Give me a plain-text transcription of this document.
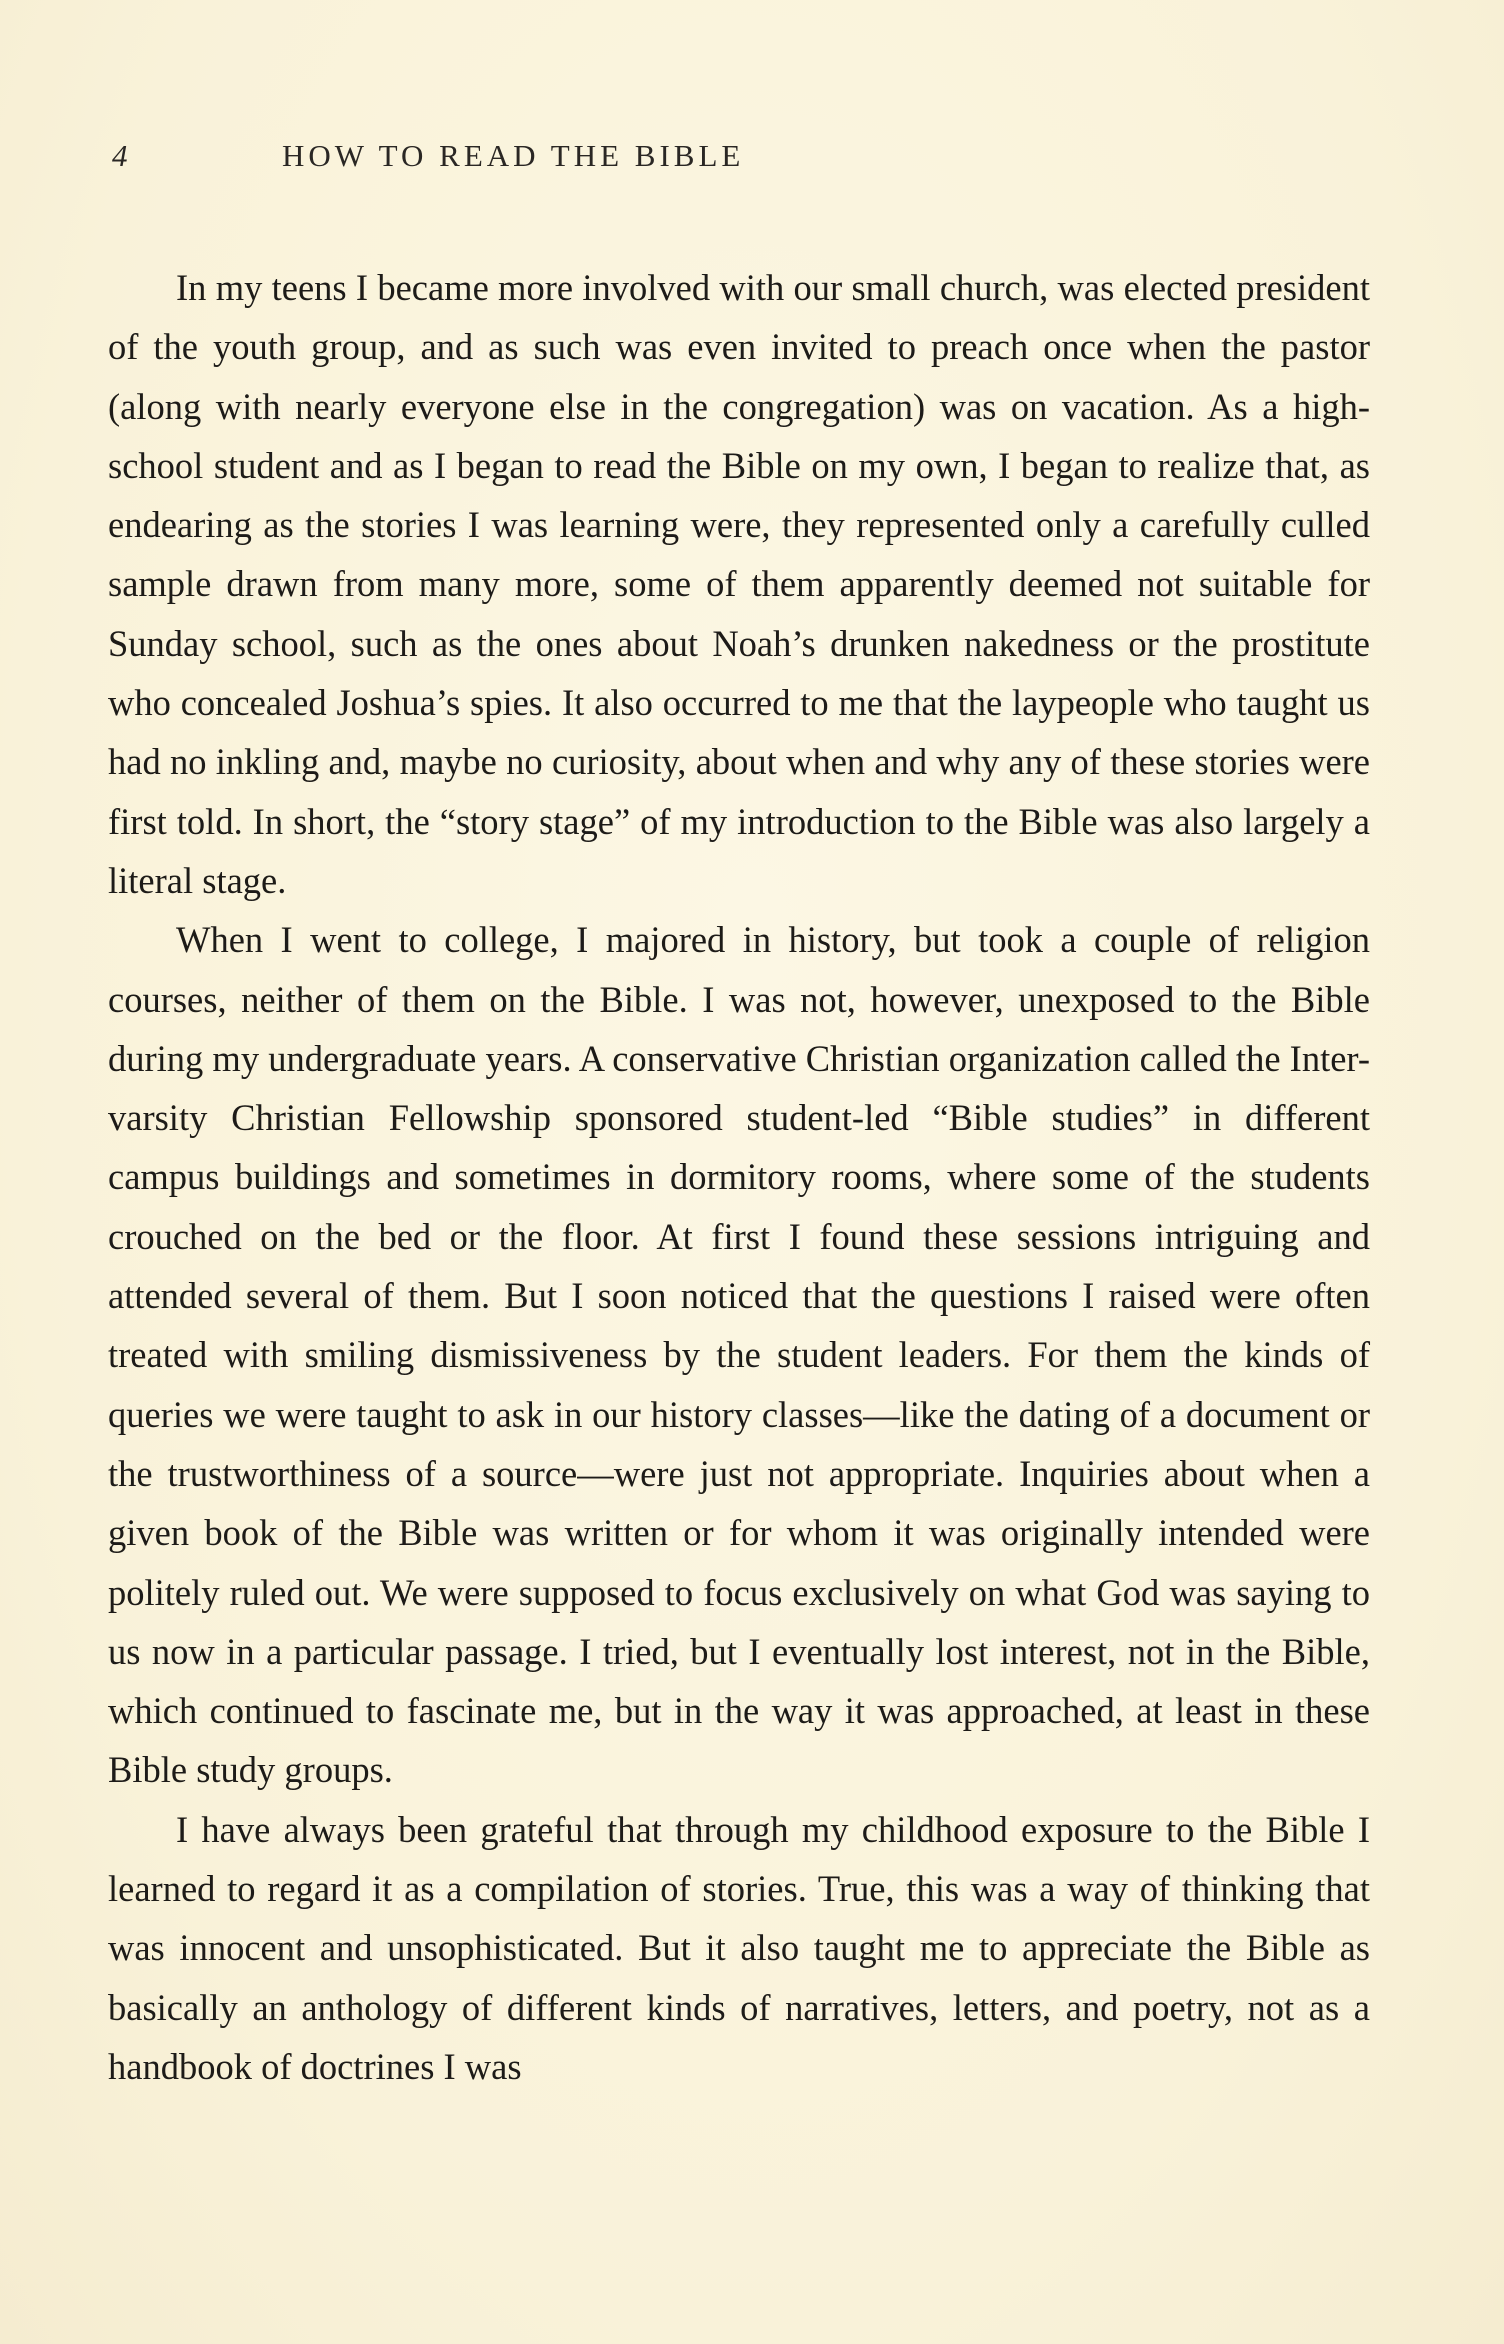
4	HOW TO READ THE BIBLE

In my teens I became more involved with our small church, was elected president of the youth group, and as such was even invited to preach once when the pastor (along with nearly everyone else in the congregation) was on vacation. As a high-school student and as I began to read the Bible on my own, I began to realize that, as endearing as the stories I was learning were, they represented only a carefully culled sample drawn from many more, some of them apparently deemed not suitable for Sunday school, such as the ones about Noah’s drunken nakedness or the prostitute who concealed Joshua’s spies. It also occurred to me that the laypeople who taught us had no inkling and, maybe no curiosity, about when and why any of these stories were first told. In short, the “story stage” of my introduction to the Bible was also largely a literal stage.

When I went to college, I majored in history, but took a couple of religion courses, neither of them on the Bible. I was not, however, unexposed to the Bible during my undergraduate years. A conservative Christian organization called the Inter-varsity Christian Fellowship sponsored student-led “Bible studies” in different campus buildings and sometimes in dormitory rooms, where some of the students crouched on the bed or the floor. At first I found these sessions intriguing and attended several of them. But I soon noticed that the questions I raised were often treated with smiling dismissiveness by the student leaders. For them the kinds of queries we were taught to ask in our history classes—like the dating of a document or the trustworthiness of a source—were just not appropriate. Inquiries about when a given book of the Bible was written or for whom it was originally intended were politely ruled out. We were supposed to focus exclusively on what God was saying to us now in a particular passage. I tried, but I eventually lost interest, not in the Bible, which continued to fascinate me, but in the way it was approached, at least in these Bible study groups.

I have always been grateful that through my childhood exposure to the Bible I learned to regard it as a compilation of stories. True, this was a way of thinking that was innocent and unsophisticated. But it also taught me to appreciate the Bible as basically an anthology of different kinds of narratives, letters, and poetry, not as a handbook of doctrines I was
